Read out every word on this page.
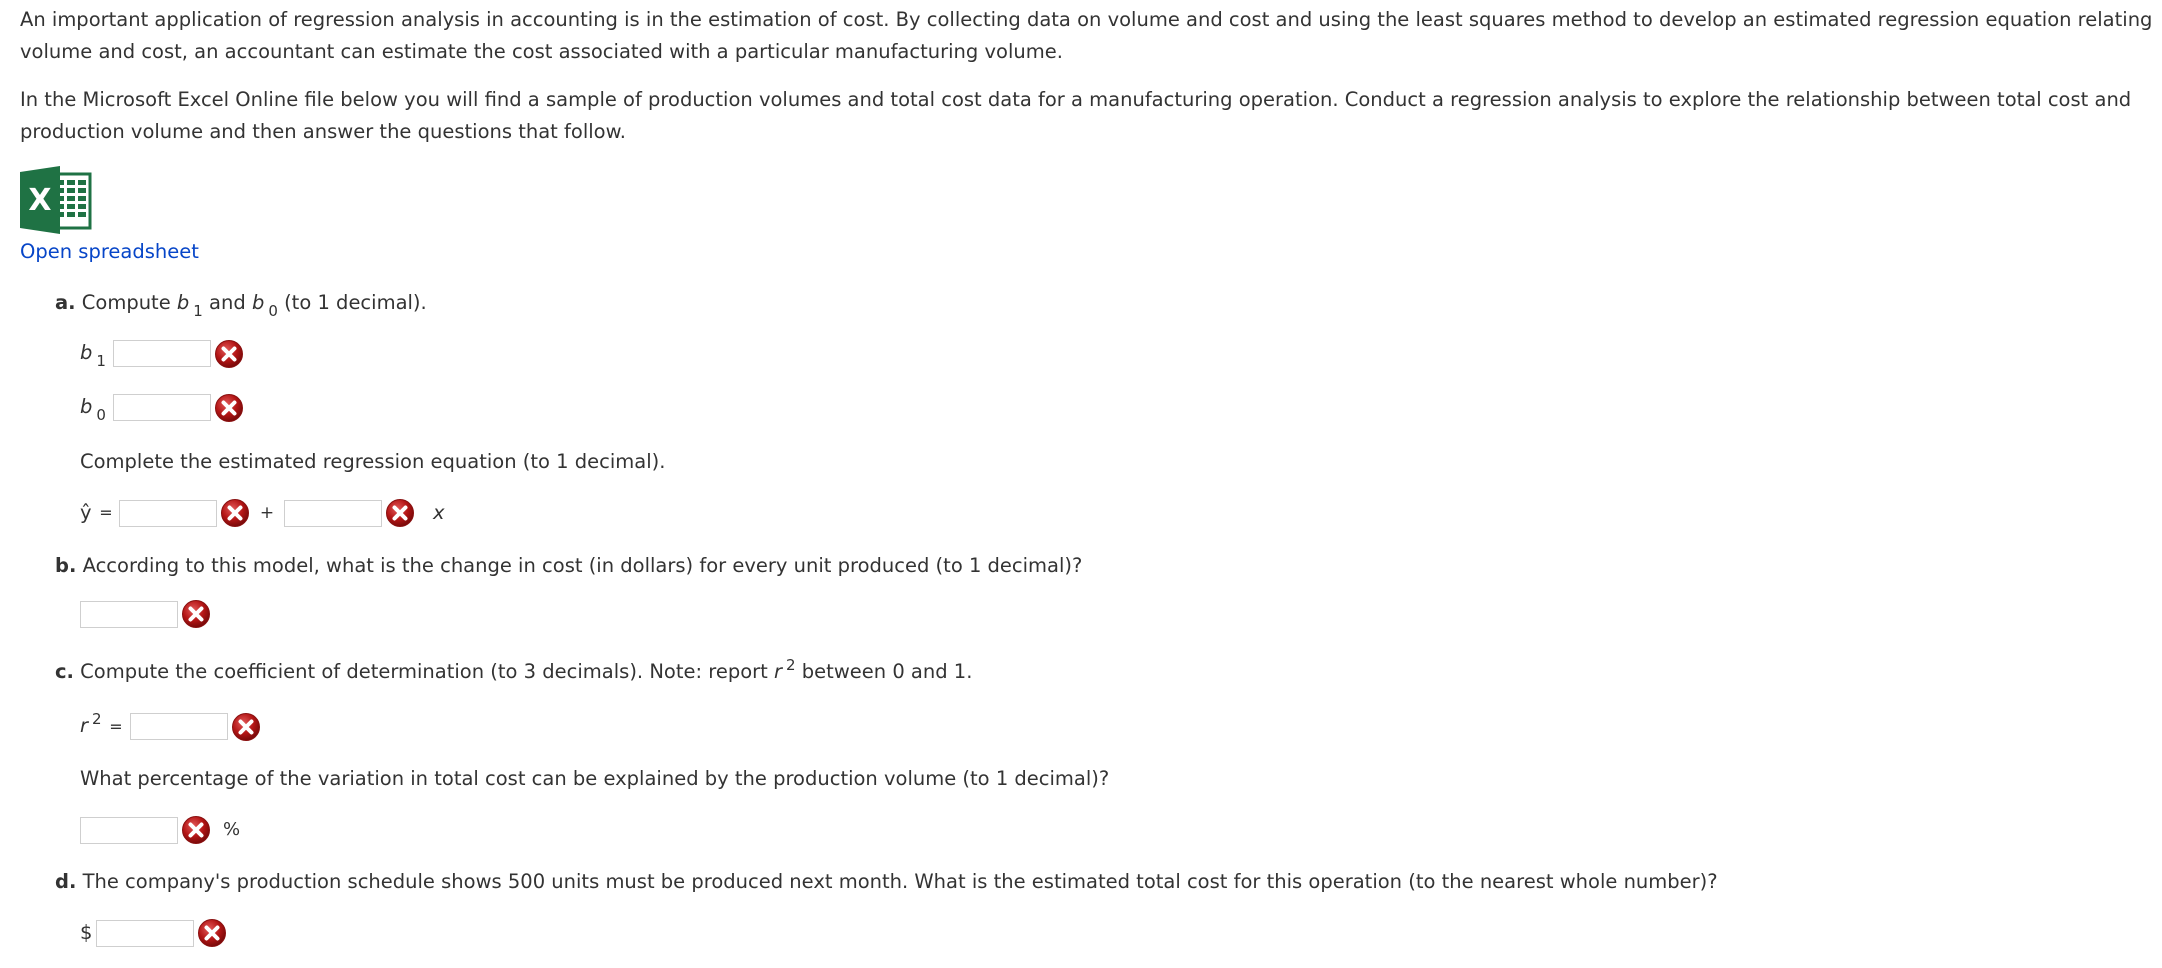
An important application of regression analysis in accounting is in the estimation of cost. By collecting data on volume and cost and using the least squares method to develop an estimated regression equation relating volume and cost, an accountant can estimate the cost associated with a particular manufacturing volume.

In the Microsoft Excel Online file below you will find a sample of production volumes and total cost data for a manufacturing operation. Conduct a regression analysis to explore the relationship between total cost and production volume and then answer the questions that follow.

X
Open spreadsheet
a. Compute b $_1$ and b $_0$ (to 1 decimal).
b $_1$
b $_0$
Complete the estimated regression equation (to 1 decimal).
ŷ =	+	x
b. According to this model, what is the change in cost (in dollars) for every unit produced (to 1 decimal)?
c. Compute the coefficient of determination (to 3 decimals). Note: report r $^2$ between 0 and 1.
r $^2$ =
What percentage of the variation in total cost can be explained by the production volume (to 1 decimal)?
%
d. The company's production schedule shows 500 units must be produced next month. What is the estimated total cost for this operation (to the nearest whole number)?
$
